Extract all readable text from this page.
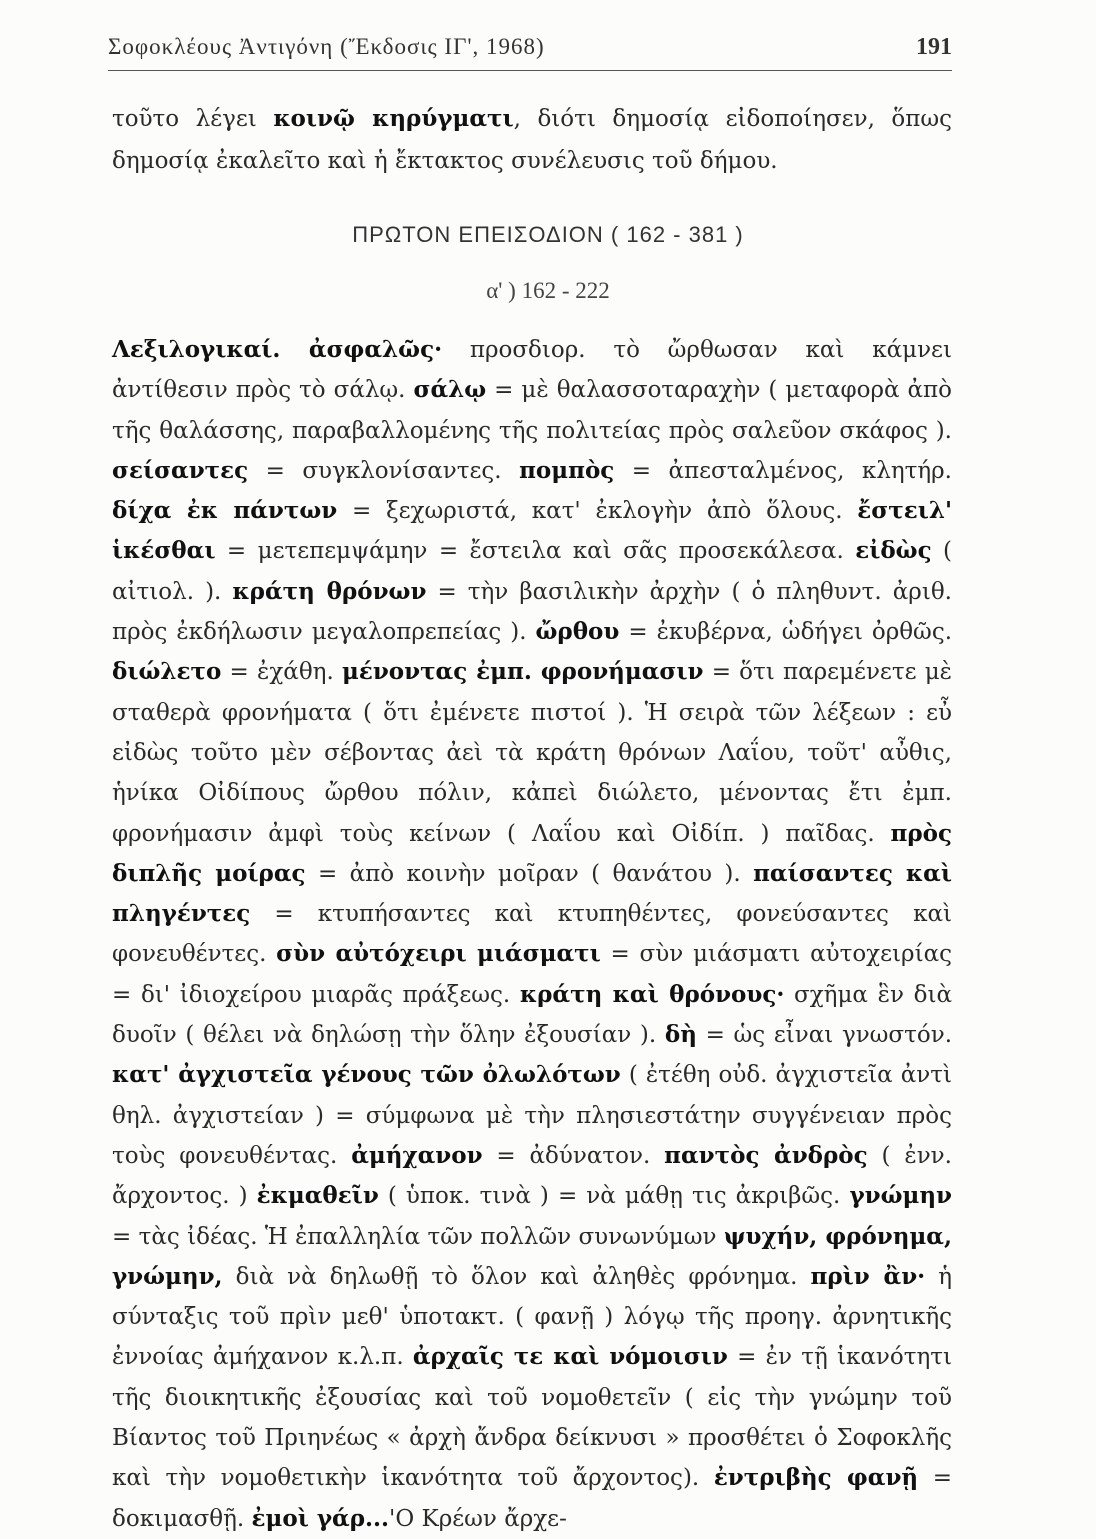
Σοφοκλέους Ἀντιγόνη (Ἔκδοσις ΙΓ', 1968)	191
τοῦτο λέγει κοινῷ κηρύγματι, διότι δημοσίᾳ εἰδοποίησεν, ὅπως δημοσίᾳ ἐκαλεῖτο καὶ ἡ ἔκτακτος συνέλευσις τοῦ δήμου.
ΠΡΩΤΟΝ ΕΠΕΙΣΟΔΙΟΝ ( 162 - 381 )
α' ) 162 - 222
Λεξιλογικαί. ἀσφαλῶς· προσδιορ. τὸ ὤρθωσαν καὶ κάμνει ἀντίθεσιν πρὸς τὸ σάλῳ. σάλῳ = μὲ θαλασσοταραχὴν ( μεταφορὰ ἀπὸ τῆς θαλάσσης, παραβαλλομένης τῆς πολιτείας πρὸς σαλεῦον σκάφος ). σείσαντες = συγκλονίσαντες. πομπὸς = ἀπεσταλμένος, κλητήρ. δίχα ἐκ πάντων = ξεχωριστά, κατ' ἐκλογὴν ἀπὸ ὅλους. ἔστειλ' ἱκέσθαι = μετεπεμψάμην = ἔστειλα καὶ σᾶς προσεκάλεσα. εἰδὼς ( αἰτιολ. ). κράτη θρόνων = τὴν βασιλικὴν ἀρχὴν ( ὁ πληθυντ. ἀριθ. πρὸς ἐκδήλωσιν μεγαλοπρεπείας ). ὤρθου = ἐκυβέρνα, ὡδήγει ὀρθῶς. διώλετο = ἐχάθη. μένοντας ἐμπ. φρονήμασιν = ὅτι παρεμένετε μὲ σταθερὰ φρονήματα ( ὅτι ἐμένετε πιστοί ). Ἡ σειρὰ τῶν λέξεων : εὖ εἰδὼς τοῦτο μὲν σέβοντας ἀεὶ τὰ κράτη θρόνων Λαΐου, τοῦτ' αὖθις, ἡνίκα Οἰδίπους ὤρθου πόλιν, κἀπεὶ διώλετο, μένοντας ἔτι ἐμπ. φρονήμασιν ἀμφὶ τοὺς κείνων ( Λαΐου καὶ Οἰδίπ. ) παῖδας. πρὸς διπλῆς μοίρας = ἀπὸ κοινὴν μοῖραν ( θανάτου ). παίσαντες καὶ πληγέντες = κτυπήσαντες καὶ κτυπηθέντες, φονεύσαντες καὶ φονευθέντες. σὺν αὐτόχειρι μιάσματι = σὺν μιάσματι αὐτοχειρίας = δι' ἰδιοχείρου μιαρᾶς πράξεως. κράτη καὶ θρόνους· σχῆμα ἓν διὰ δυοῖν ( θέλει νὰ δηλώσῃ τὴν ὅλην ἐξουσίαν ). δὴ = ὡς εἶναι γνωστόν. κατ' ἀγχιστεῖα γένους τῶν ὀλωλότων ( ἐτέθη οὐδ. ἀγχιστεῖα ἀντὶ θηλ. ἀγχιστείαν ) = σύμφωνα μὲ τὴν πλησιεστάτην συγγένειαν πρὸς τοὺς φονευθέντας. ἀμήχανον = ἀδύνατον. παντὸς ἀνδρὸς ( ἐνν. ἄρχοντος. ) ἐκμαθεῖν ( ὑποκ. τινὰ ) = νὰ μάθῃ τις ἀκριβῶς. γνώμην = τὰς ἰδέας. Ἡ ἐπαλληλία τῶν πολλῶν συνωνύμων ψυχήν, φρόνημα, γνώμην, διὰ νὰ δηλωθῇ τὸ ὅλον καὶ ἀληθὲς φρόνημα. πρὶν ἂν· ἡ σύνταξις τοῦ πρὶν μεθ' ὑποτακτ. ( φανῇ ) λόγῳ τῆς προηγ. ἀρνητικῆς ἐννοίας ἀμήχανον κ.λ.π. ἀρχαῖς τε καὶ νόμοισιν = ἐν τῇ ἱκανότητι τῆς διοικητικῆς ἐξουσίας καὶ τοῦ νομοθετεῖν ( εἰς τὴν γνώμην τοῦ Βίαντος τοῦ Πριηνέως « ἀρχὴ ἄνδρα δείκνυσι » προσθέτει ὁ Σοφοκλῆς καὶ τὴν νομοθετικὴν ἱκανότητα τοῦ ἄρχοντος). ἐντριβὴς φανῇ = δοκιμασθῇ. ἐμοὶ γάρ...'Ο Κρέων ἄρχε-
